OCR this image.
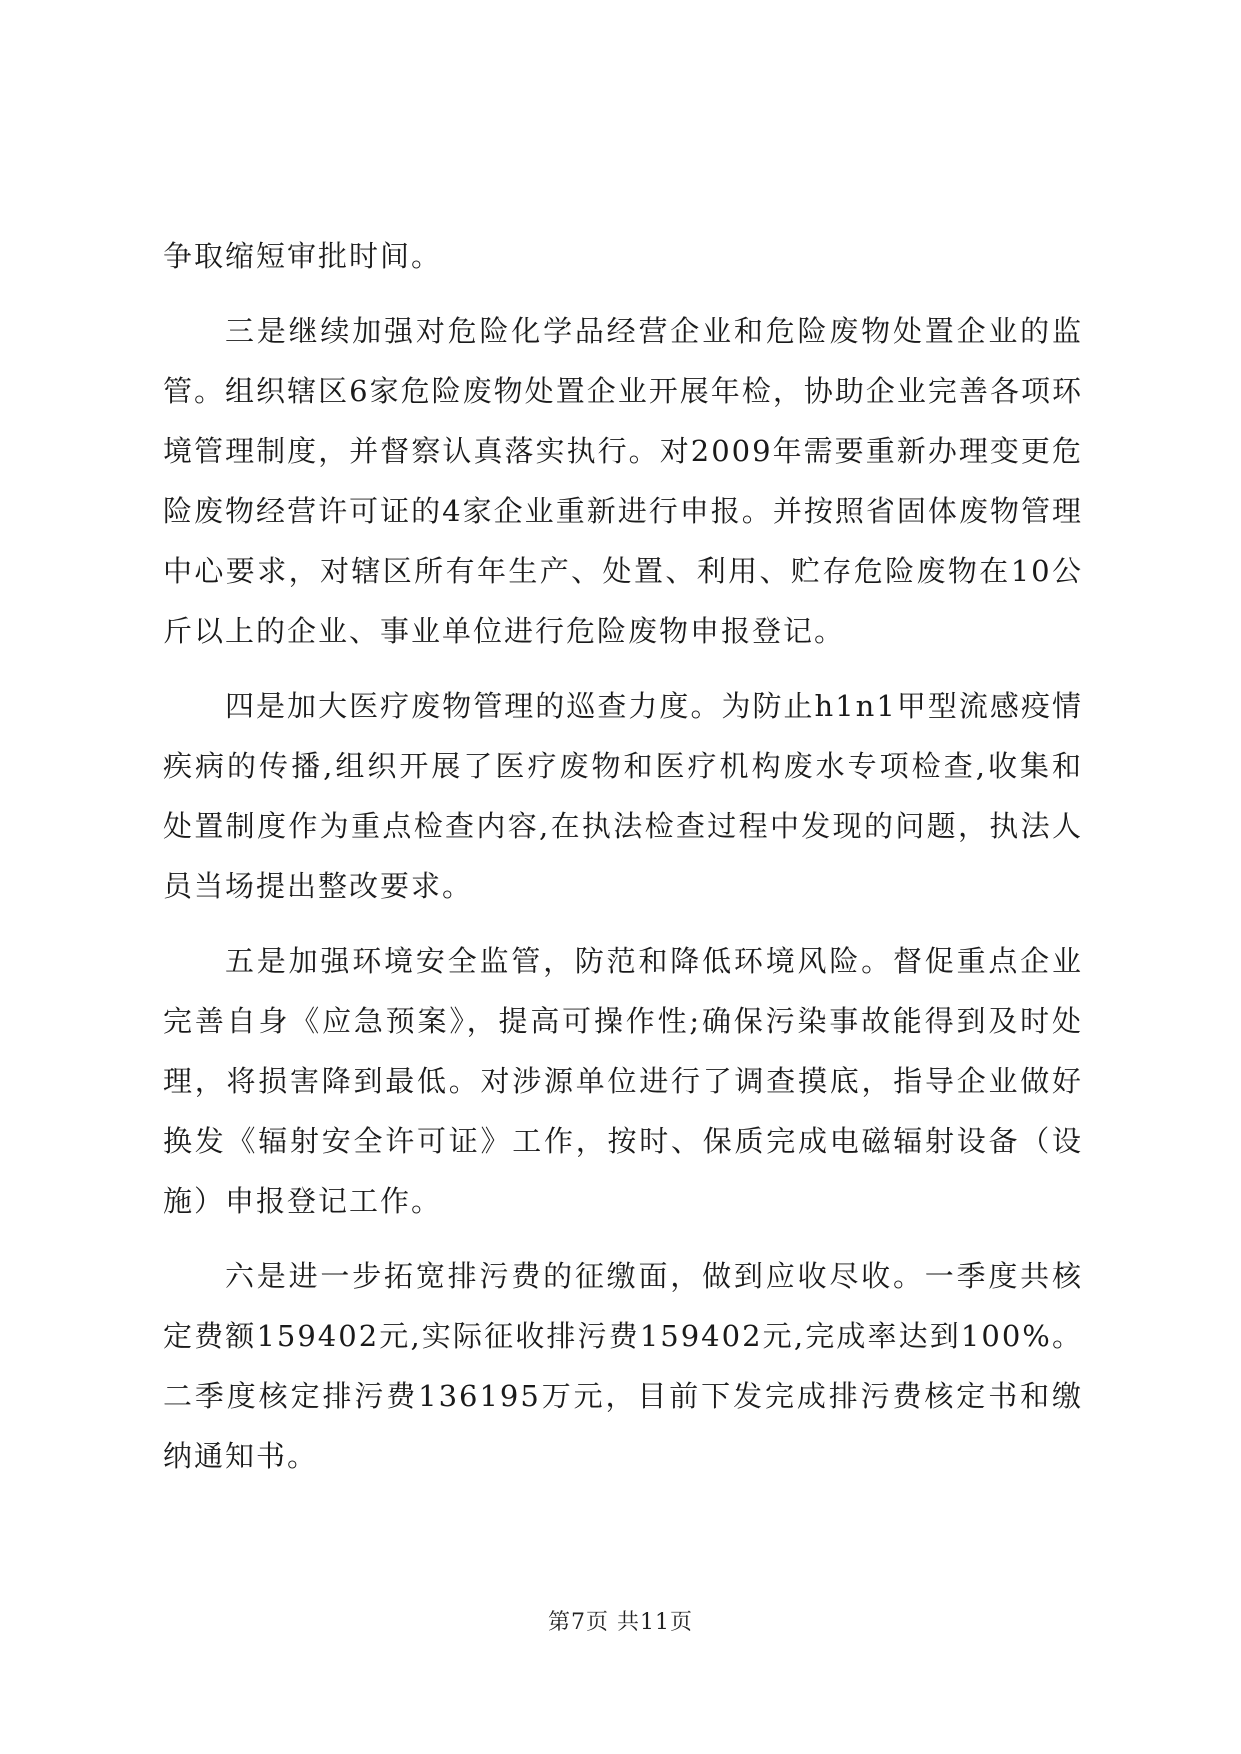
争取缩短审批时间。

三是继续加强对危险化学品经营企业和危险废物处置企业的监管。组织辖区6家危险废物处置企业开展年检，协助企业完善各项环境管理制度，并督察认真落实执行。对2009年需要重新办理变更危险废物经营许可证的4家企业重新进行申报。并按照省固体废物管理中心要求，对辖区所有年生产、处置、利用、贮存危险废物在10公斤以上的企业、事业单位进行危险废物申报登记。

四是加大医疗废物管理的巡查力度。为防止h1n1甲型流感疫情疾病的传播,组织开展了医疗废物和医疗机构废水专项检查,收集和处置制度作为重点检查内容,在执法检查过程中发现的问题，执法人员当场提出整改要求。

五是加强环境安全监管，防范和降低环境风险。督促重点企业完善自身《应急预案》，提高可操作性;确保污染事故能得到及时处理，将损害降到最低。对涉源单位进行了调查摸底，指导企业做好换发《辐射安全许可证》工作，按时、保质完成电磁辐射设备（设施）申报登记工作。

六是进一步拓宽排污费的征缴面，做到应收尽收。一季度共核定费额159402元,实际征收排污费159402元,完成率达到100%。二季度核定排污费136195万元，目前下发完成排污费核定书和缴纳通知书。

第7页 共11页
